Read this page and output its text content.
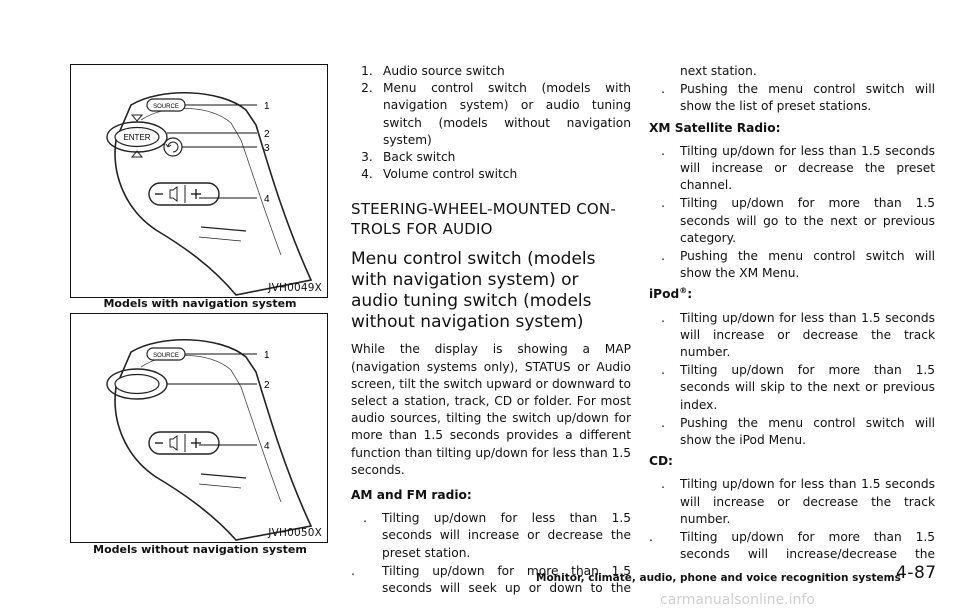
SOURCE
ENTER
1
2
3
4
JVH0049X
Models with navigation system
SOURCE	1
2
4
JVH0050X
Models without navigation system
1. Audio source switch
2. Menu control switch (models with navigation system) or audio tuning switch (models without navigation system)
3. Back switch
4. Volume control switch
STEERING-WHEEL-MOUNTED CON-TROLS FOR AUDIO
Menu control switch (models with navigation system) or audio tuning switch (models without navigation system)
While the display is showing a MAP (navigation systems only), STATUS or Audio screen, tilt the switch upward or downward to select a station, track, CD or folder. For most audio sources, tilting the switch up/down for more than 1.5 seconds provides a different function than tilting up/down for less than 1.5 seconds.
AM and FM radio:
. Tilting up/down for less than 1.5 seconds will increase or decrease the preset station.
.	Tilting up/down for more than 1.5 seconds will seek up or down to the
next station.
. Pushing the menu control switch will show the list of preset stations.
XM Satellite Radio:
. Tilting up/down for less than 1.5 seconds will increase or decrease the preset channel.
. Tilting up/down for more than 1.5 seconds will go to the next or previous category.
. Pushing the menu control switch will show the XM Menu.
iPod®:
. Tilting up/down for less than 1.5 seconds will increase or decrease the track number.
. Tilting up/down for more than 1.5 seconds will skip to the next or previous index.
. Pushing the menu control switch will show the iPod Menu.
CD:
. Tilting up/down for less than 1.5 seconds will increase or decrease the track number.
.	Tilting up/down for more than 1.5 seconds will increase/decrease the
Monitor, climate, audio, phone and voice recognition systems
4-87
carmanualsonline.info
